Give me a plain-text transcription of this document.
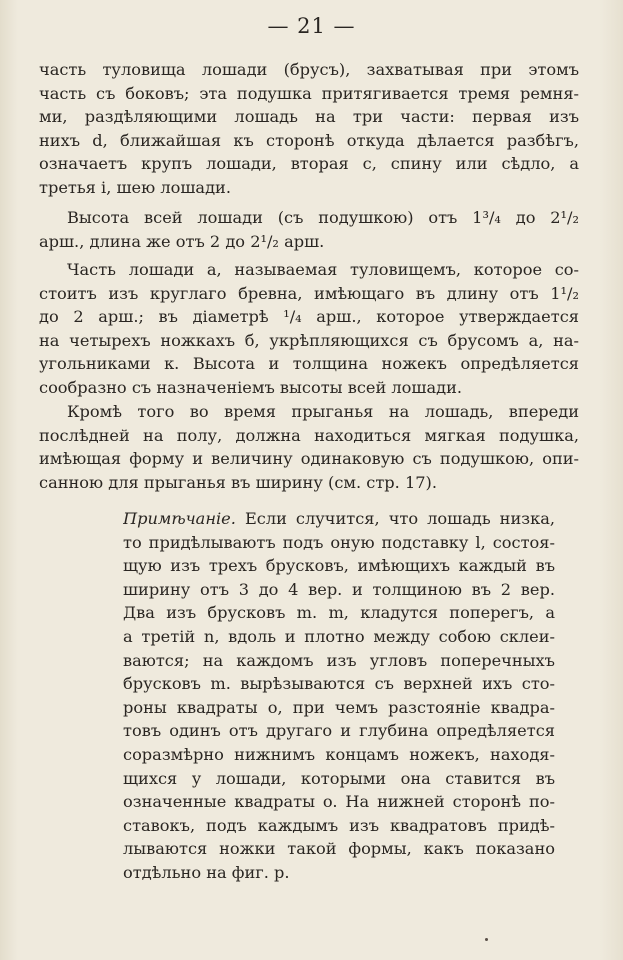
— 21 —
часть туловища лошади (брусъ), захватывая при этомъ
часть съ боковъ; эта подушка притягивается тремя ремня-
ми, раздѣляющими лошадь на три части: первая изъ
нихъ d, ближайшая къ сторонѣ откуда дѣлается разбѣгъ,
означаетъ крупъ лошади, вторая c, спину или сѣдло, а
третья i, шею лошади.
Высота всей лошади (съ подушкою) отъ 1³/₄ до 2¹/₂
арш., длина же отъ 2 до 2¹/₂ арш.
Часть лошади a, называемая туловищемъ, которое со-
стоитъ изъ круглаго бревна, имѣющаго въ длину отъ 1¹/₂
до 2 арш.; въ діаметрѣ ¹/₄ арш., которое утверждается
на четырехъ ножкахъ б, укрѣпляющихся съ брусомъ a, на-
угольниками к. Высота и толщина ножекъ опредѣляется
сообразно съ назначеніемъ высоты всей лошади.
Кромѣ того во время прыганья на лошадь, впереди
послѣдней на полу, должна находиться мягкая подушка,
имѣющая форму и величину одинаковую съ подушкою, опи-
санною для прыганья въ ширину (см. стр. 17).
Примѣчаніе. Если случится, что лошадь низка,
то придѣлываютъ подъ оную подставку l, состоя-
щую изъ трехъ брусковъ, имѣющихъ каждый въ
ширину отъ 3 до 4 вер. и толщиною въ 2 вер.
Два изъ брусковъ m. m, кладутся поперегъ, а
а третій n, вдоль и плотно между собою склеи-
ваются; на каждомъ изъ угловъ поперечныхъ
брусковъ m. вырѣзываются съ верхней ихъ сто-
роны квадраты o, при чемъ разстояніе квадра-
товъ одинъ отъ другаго и глубина опредѣляется
соразмѣрно нижнимъ концамъ ножекъ, находя-
щихся у лошади, которыми она ставится въ
означенные квадраты o. На нижней сторонѣ по-
ставокъ, подъ каждымъ изъ квадратовъ придѣ-
лываются ножки такой формы, какъ показано
отдѣльно на фиг. p.
